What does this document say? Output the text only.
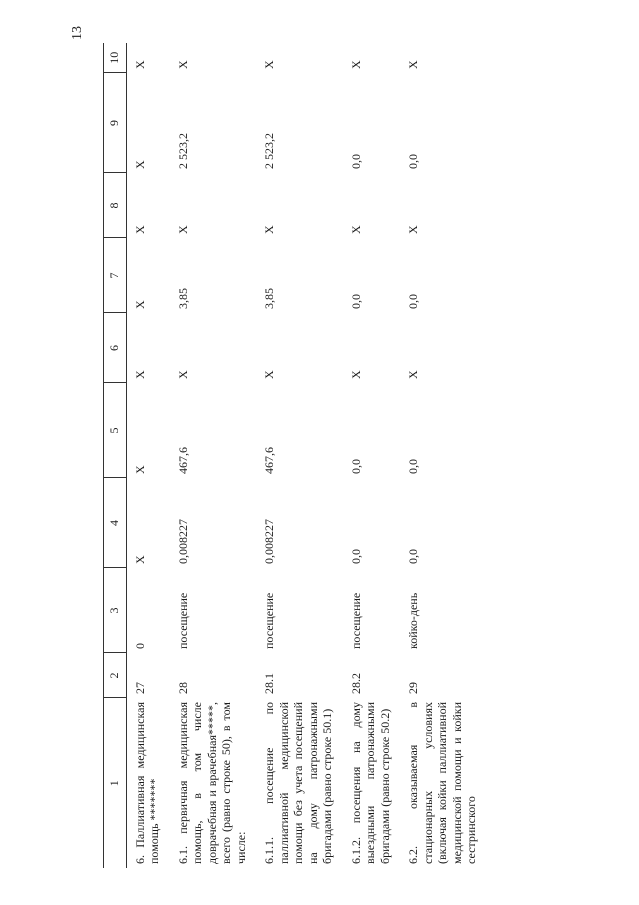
13
1	2	3	4	5	6	7	8	9	10
6. Паллиативная медицинская помощь *******	27	0	X	X	X	X	X	X	X
6.1. первичная медицинская помощь, в том числе доврачебная и врачебная*****, всего (равно строке 50), в том числе:	28	посещение	0,008227	467,6	X	3,85	X	2 523,2	X
6.1.1. посещение по паллиативной медицинской помощи без учета посещений на дому патронажными бригадами (равно строке 50.1)	28.1	посещение	0,008227	467,6	X	3,85	X	2 523,2	X
6.1.2. посещения на дому выездными патронажными бригадами (равно строке 50.2)	28.2	посещение	0,0	0,0	X	0,0	X	0,0	X
6.2. оказываемая в стационарных условиях (включая койки паллиативной медицинской помощи и койки сестринского	29	койко-день	0,0	0,0	X	0,0	X	0,0	X
